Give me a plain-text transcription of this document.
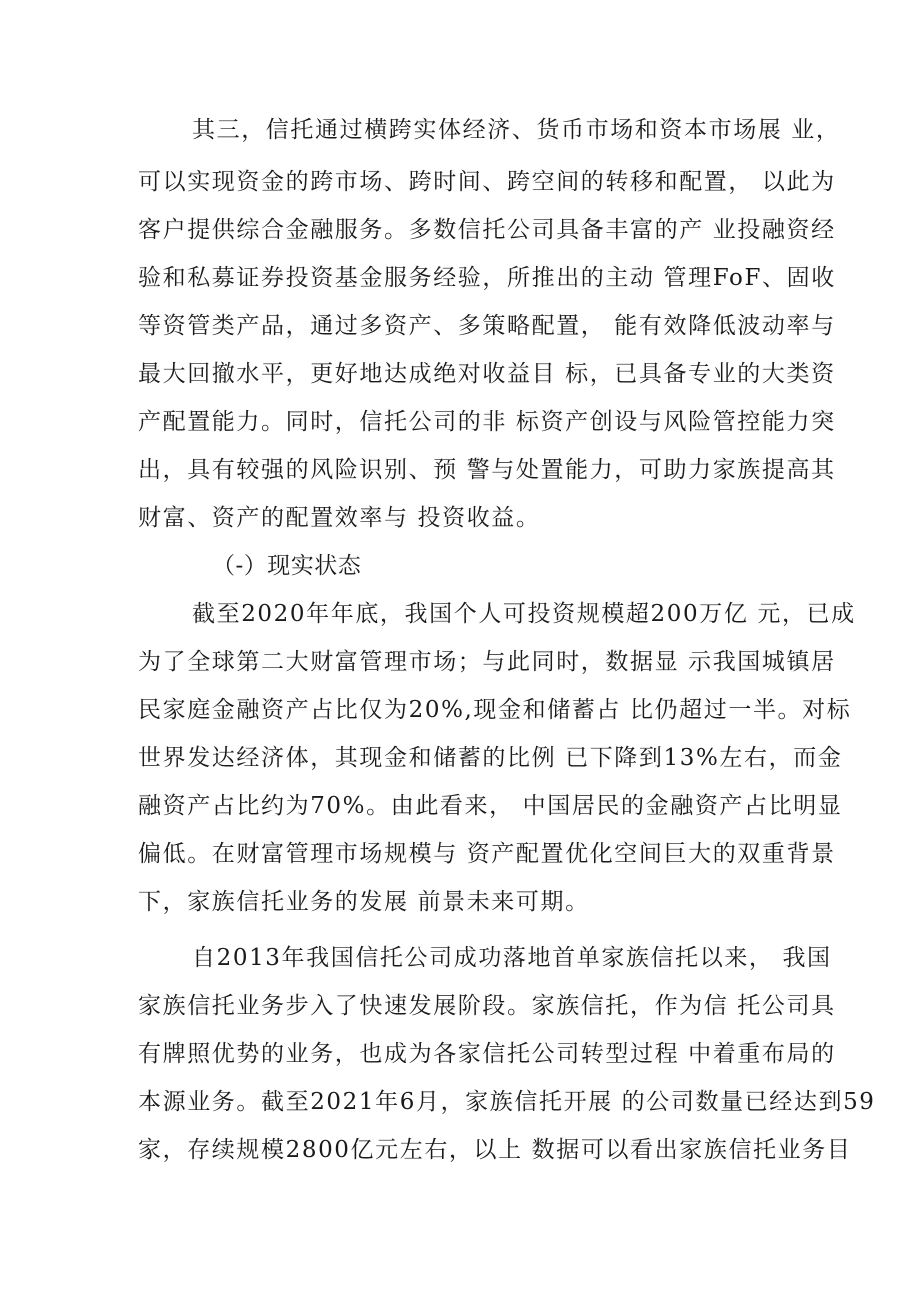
其三，信托通过横跨实体经济、货币市场和资本市场展 业，
可以实现资金的跨市场、跨时间、跨空间的转移和配置， 以此为
客户提供综合金融服务。多数信托公司具备丰富的产 业投融资经
验和私募证券投资基金服务经验，所推出的主动 管理FoF、固收
等资管类产品，通过多资产、多策略配置， 能有效降低波动率与
最大回撤水平，更好地达成绝对收益目 标，已具备专业的大类资
产配置能力。同时，信托公司的非 标资产创设与风险管控能力突
出，具有较强的风险识别、预 警与处置能力，可助力家族提高其
财富、资产的配置效率与 投资收益。
（-）现实状态
截至2020年年底，我国个人可投资规模超200万亿 元，已成
为了全球第二大财富管理市场；与此同时，数据显 示我国城镇居
民家庭金融资产占比仅为20%,现金和储蓄占 比仍超过一半。对标
世界发达经济体，其现金和储蓄的比例 已下降到13%左右，而金
融资产占比约为70%。由此看来， 中国居民的金融资产占比明显
偏低。在财富管理市场规模与 资产配置优化空间巨大的双重背景
下，家族信托业务的发展 前景未来可期。
自2013年我国信托公司成功落地首单家族信托以来， 我国
家族信托业务步入了快速发展阶段。家族信托，作为信 托公司具
有牌照优势的业务，也成为各家信托公司转型过程 中着重布局的
本源业务。截至2021年6月，家族信托开展 的公司数量已经达到59
家，存续规模2800亿元左右，以上 数据可以看出家族信托业务目
